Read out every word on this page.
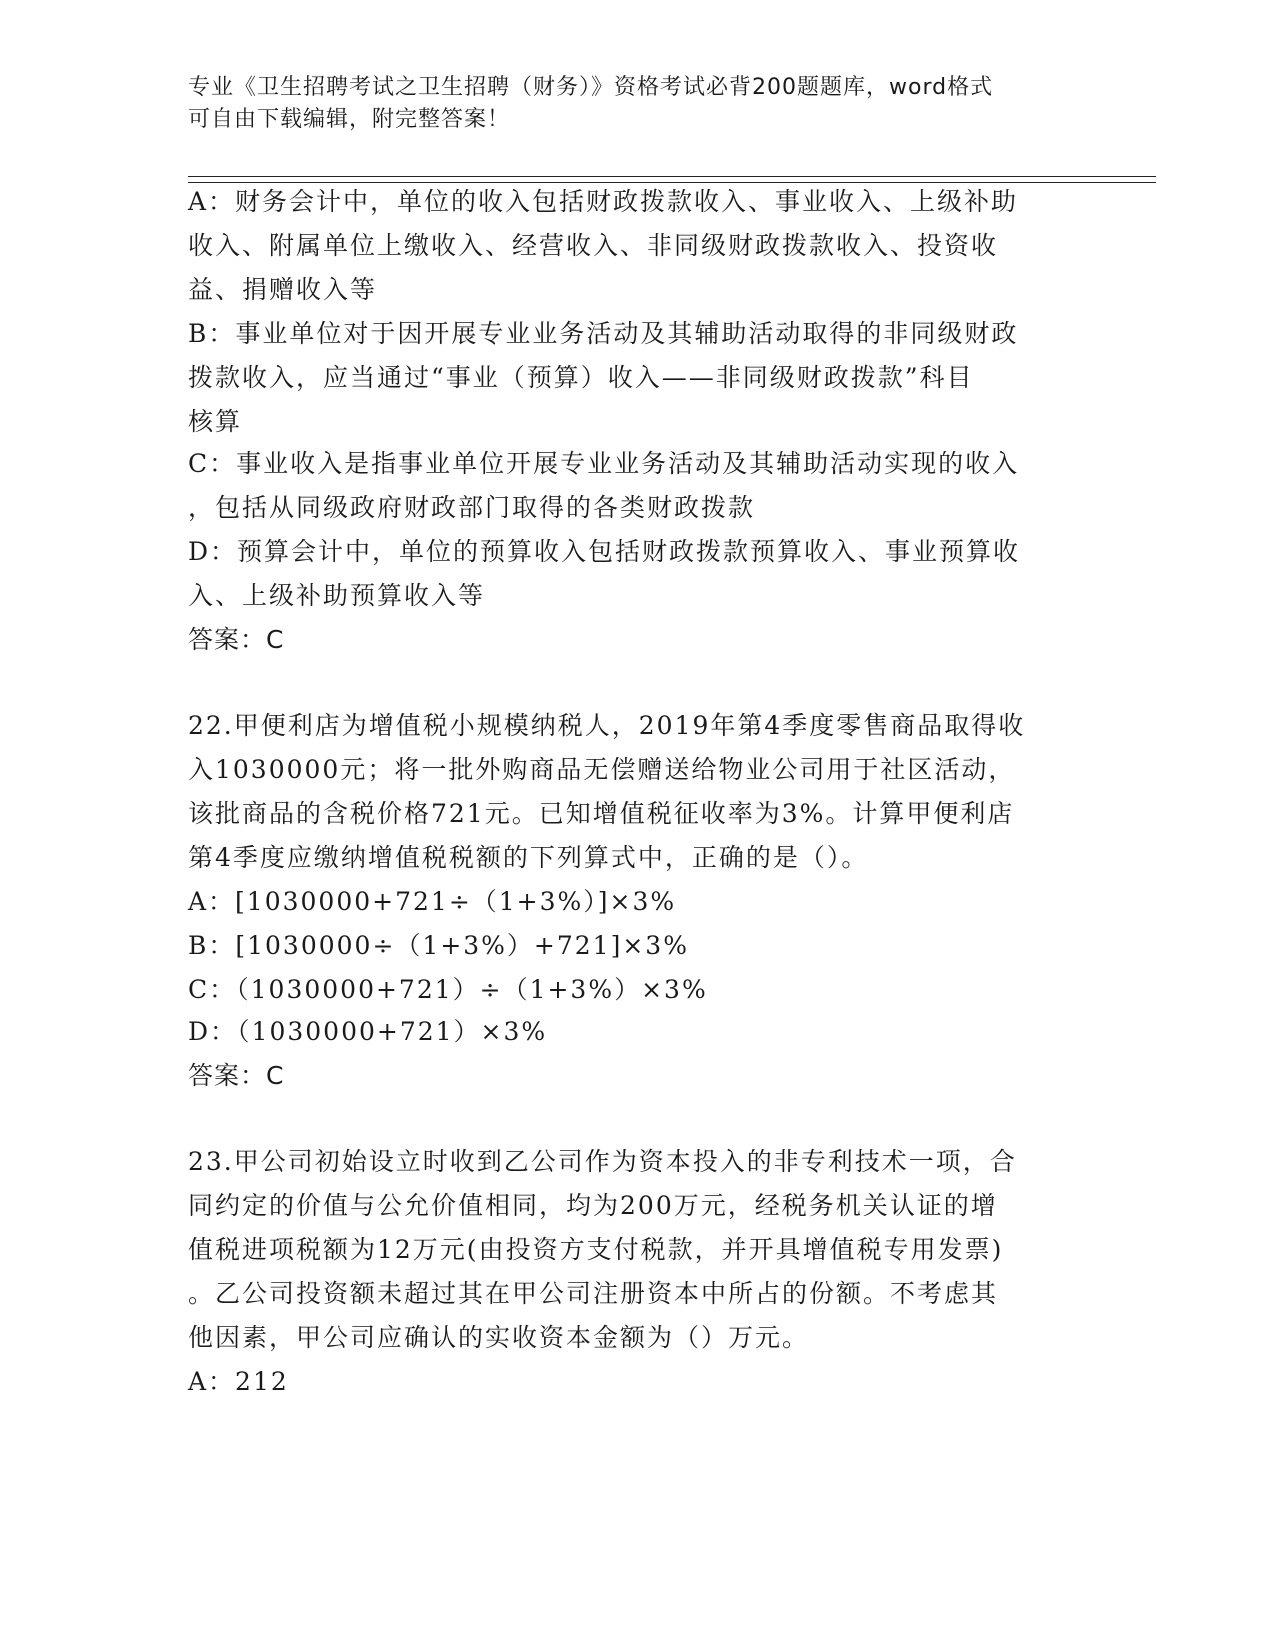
专业《卫生招聘考试之卫生招聘（财务）》资格考试必背200题题库，word格式
可自由下载编辑，附完整答案！
A：财务会计中，单位的收入包括财政拨款收入、事业收入、上级补助
收入、附属单位上缴收入、经营收入、非同级财政拨款收入、投资收
益、捐赠收入等
B：事业单位对于因开展专业业务活动及其辅助活动取得的非同级财政
拨款收入，应当通过“事业（预算）收入——非同级财政拨款”科目
核算
C：事业收入是指事业单位开展专业业务活动及其辅助活动实现的收入
，包括从同级政府财政部门取得的各类财政拨款
D：预算会计中，单位的预算收入包括财政拨款预算收入、事业预算收
入、上级补助预算收入等
答案：C
22.甲便利店为增值税小规模纳税人，2019年第4季度零售商品取得收
入1030000元；将一批外购商品无偿赠送给物业公司用于社区活动，
该批商品的含税价格721元。已知增值税征收率为3%。计算甲便利店
第4季度应缴纳增值税税额的下列算式中，正确的是（）。
A：[1030000+721÷（1+3%）]×3%
B：[1030000÷（1+3%）+721]×3%
C：（1030000+721）÷（1+3%）×3%
D：（1030000+721）×3%
答案：C
23.甲公司初始设立时收到乙公司作为资本投入的非专利技术一项，合
同约定的价值与公允价值相同，均为200万元，经税务机关认证的增
值税进项税额为12万元(由投资方支付税款，并开具增值税专用发票)
。乙公司投资额未超过其在甲公司注册资本中所占的份额。不考虑其
他因素，甲公司应确认的实收资本金额为（）万元。
A：212
